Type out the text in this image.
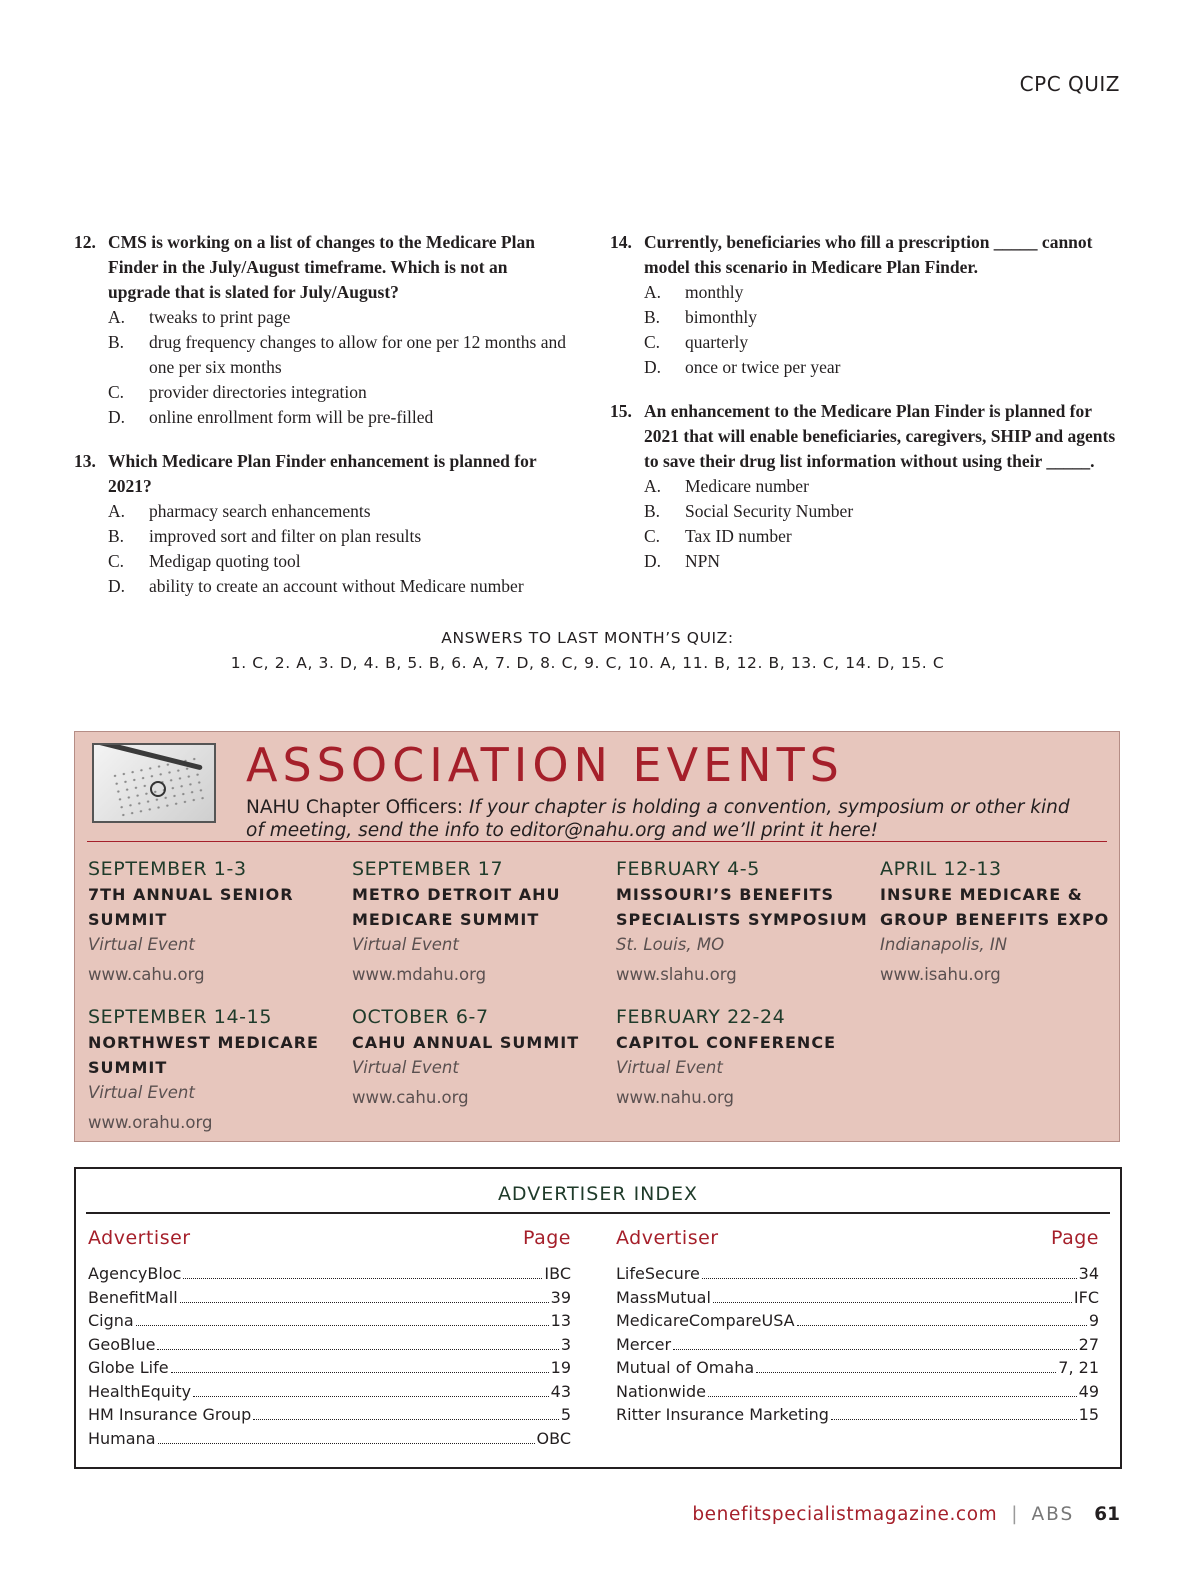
CPC QUIZ
12. CMS is working on a list of changes to the Medicare Plan Finder in the July/August timeframe. Which is not an upgrade that is slated for July/August?
A.	tweaks to print page
B.	drug frequency changes to allow for one per 12 months and one per six months
C.	provider directories integration
D.	online enrollment form will be pre-filled
13. Which Medicare Plan Finder enhancement is planned for 2021?
A.	pharmacy search enhancements
B.	improved sort and filter on plan results
C.	Medigap quoting tool
D.	ability to create an account without Medicare number
14. Currently, beneficiaries who fill a prescription _____ cannot model this scenario in Medicare Plan Finder.
A.	monthly
B.	bimonthly
C.	quarterly
D.	once or twice per year
15. An enhancement to the Medicare Plan Finder is planned for 2021 that will enable beneficiaries, caregivers, SHIP and agents to save their drug list information without using their _____.
A.	Medicare number
B.	Social Security Number
C.	Tax ID number
D.	NPN
ANSWERS TO LAST MONTH’S QUIZ:
1. C, 2. A, 3. D, 4. B, 5. B, 6. A, 7. D, 8. C, 9. C, 10. A, 11. B, 12. B, 13. C, 14. D, 15. C
ASSOCIATION EVENTS
NAHU Chapter Officers: If your chapter is holding a convention, symposium or other kind of meeting, send the info to editor@nahu.org and we’ll print it here!
SEPTEMBER 1-3
7TH ANNUAL SENIOR SUMMIT
Virtual Event
www.cahu.org
SEPTEMBER 17
METRO DETROIT AHU MEDICARE SUMMIT
Virtual Event
www.mdahu.org
FEBRUARY 4-5
MISSOURI’S BENEFITS SPECIALISTS SYMPOSIUM
St. Louis, MO
www.slahu.org
APRIL 12-13
INSURE MEDICARE & GROUP BENEFITS EXPO
Indianapolis, IN
www.isahu.org
SEPTEMBER 14-15
NORTHWEST MEDICARE SUMMIT
Virtual Event
www.orahu.org
OCTOBER 6-7
CAHU ANNUAL SUMMIT
Virtual Event
www.cahu.org
FEBRUARY 22-24
CAPITOL CONFERENCE
Virtual Event
www.nahu.org
ADVERTISER INDEX
Advertiser	Page
AgencyBloc	IBC
BenefitMall	39
Cigna	13
GeoBlue	3
Globe Life	19
HealthEquity	43
HM Insurance Group	5
Humana	OBC
Advertiser	Page
LifeSecure	34
MassMutual	IFC
MedicareCompareUSA	9
Mercer	27
Mutual of Omaha	7, 21
Nationwide	49
Ritter Insurance Marketing	15
benefitspecialistmagazine.com | ABS 61
